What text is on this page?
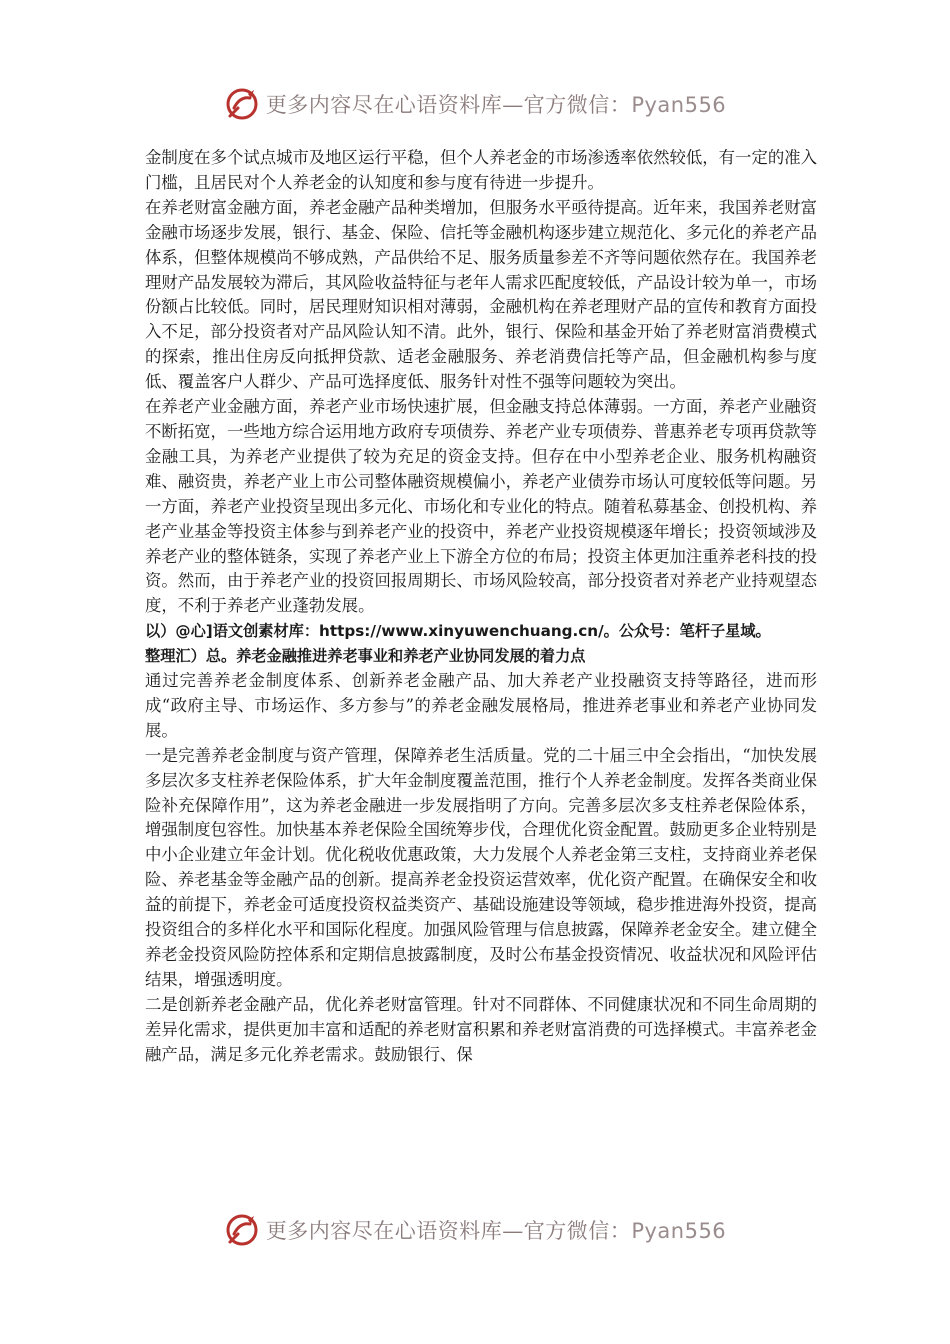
更多内容尽在心语资料库—官方微信：Pyan556

金制度在多个试点城市及地区运行平稳，但个人养老金的市场渗透率依然较低，有一定的准入门槛，且居民对个人养老金的认知度和参与度有待进一步提升。

在养老财富金融方面，养老金融产品种类增加，但服务水平亟待提高。近年来，我国养老财富金融市场逐步发展，银行、基金、保险、信托等金融机构逐步建立规范化、多元化的养老产品体系，但整体规模尚不够成熟，产品供给不足、服务质量参差不齐等问题依然存在。我国养老理财产品发展较为滞后，其风险收益特征与老年人需求匹配度较低，产品设计较为单一，市场份额占比较低。同时，居民理财知识相对薄弱，金融机构在养老理财产品的宣传和教育方面投入不足，部分投资者对产品风险认知不清。此外，银行、保险和基金开始了养老财富消费模式的探索，推出住房反向抵押贷款、适老金融服务、养老消费信托等产品，但金融机构参与度低、覆盖客户人群少、产品可选择度低、服务针对性不强等问题较为突出。

在养老产业金融方面，养老产业市场快速扩展，但金融支持总体薄弱。一方面，养老产业融资不断拓宽，一些地方综合运用地方政府专项债券、养老产业专项债券、普惠养老专项再贷款等金融工具，为养老产业提供了较为充足的资金支持。但存在中小型养老企业、服务机构融资难、融资贵，养老产业上市公司整体融资规模偏小，养老产业债券市场认可度较低等问题。另一方面，养老产业投资呈现出多元化、市场化和专业化的特点。随着私募基金、创投机构、养老产业基金等投资主体参与到养老产业的投资中，养老产业投资规模逐年增长；投资领域涉及养老产业的整体链条，实现了养老产业上下游全方位的布局；投资主体更加注重养老科技的投资。然而，由于养老产业的投资回报周期长、市场风险较高，部分投资者对养老产业持观望态度，不利于养老产业蓬勃发展。

以）@心]语文创素材库：https://www.xinyuwenchuang.cn/。公众号：笔杆子星域。

整理汇）总。养老金融推进养老事业和养老产业协同发展的着力点

通过完善养老金制度体系、创新养老金融产品、加大养老产业投融资支持等路径，进而形成“政府主导、市场运作、多方参与”的养老金融发展格局，推进养老事业和养老产业协同发展。

一是完善养老金制度与资产管理，保障养老生活质量。党的二十届三中全会指出，“加快发展多层次多支柱养老保险体系，扩大年金制度覆盖范围，推行个人养老金制度。发挥各类商业保险补充保障作用”，这为养老金融进一步发展指明了方向。完善多层次多支柱养老保险体系，增强制度包容性。加快基本养老保险全国统筹步伐，合理优化资金配置。鼓励更多企业特别是中小企业建立年金计划。优化税收优惠政策，大力发展个人养老金第三支柱，支持商业养老保险、养老基金等金融产品的创新。提高养老金投资运营效率，优化资产配置。在确保安全和收益的前提下，养老金可适度投资权益类资产、基础设施建设等领域，稳步推进海外投资，提高投资组合的多样化水平和国际化程度。加强风险管理与信息披露，保障养老金安全。建立健全养老金投资风险防控体系和定期信息披露制度，及时公布基金投资情况、收益状况和风险评估结果，增强透明度。

二是创新养老金融产品，优化养老财富管理。针对不同群体、不同健康状况和不同生命周期的差异化需求，提供更加丰富和适配的养老财富积累和养老财富消费的可选择模式。丰富养老金融产品，满足多元化养老需求。鼓励银行、保

更多内容尽在心语资料库—官方微信：Pyan556
